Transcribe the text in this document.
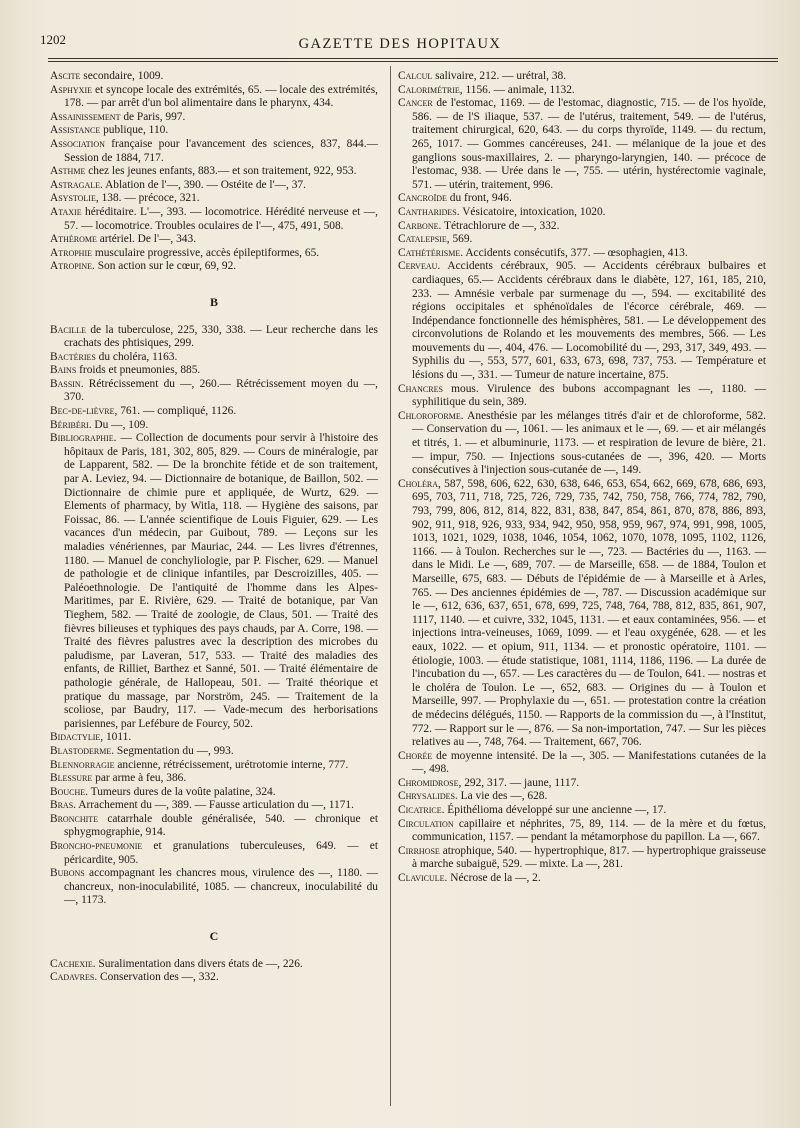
1202	GAZETTE DES HOPITAUX

Ascite secondaire, 1009.

Asphyxie et syncope locale des extrémités, 65. — locale des extrémités, 178. — par arrêt d'un bol alimentaire dans le pharynx, 434.

Assainissement de Paris, 997.

Assistance publique, 110.

Association française pour l'avancement des sciences, 837, 844.— Session de 1884, 717.

Asthme chez les jeunes enfants, 883.— et son traitement, 922, 953.

Astragale. Ablation de l'—, 390. — Ostéite de l'—, 37.

Asystolie, 138. — précoce, 321.

Ataxie héréditaire. L'—, 393. — locomotrice. Hérédité nerveuse et —, 57. — locomotrice. Troubles oculaires de l'—, 475, 491, 508.

Athérome artériel. De l'—, 343.

Atrophie musculaire progressive, accès épileptiformes, 65.

Atropine. Son action sur le cœur, 69, 92.

B

Bacille de la tuberculose, 225, 330, 338. — Leur recherche dans les crachats des phtisiques, 299.

Bactéries du choléra, 1163.

Bains froids et pneumonies, 885.

Bassin. Rétrécissement du —, 260.— Rétrécissement moyen du —, 370.

Bec-de-lièvre, 761. — compliqué, 1126.

Béribéri. Du —, 109.

Bibliographie. — Collection de documents pour servir à l'histoire des hôpitaux de Paris, 181, 302, 805, 829. — Cours de minéralogie, par de Lapparent, 582. — De la bronchite fétide et de son traitement, par A. Leviez, 94. — Dictionnaire de botanique, de Baillon, 502. — Dictionnaire de chimie pure et appliquée, de Wurtz, 629. — Elements of pharmacy, by Witla, 118. — Hygiène des saisons, par Foissac, 86. — L'année scientifique de Louis Figuier, 629. — Les vacances d'un médecin, par Guibout, 789. — Leçons sur les maladies vénériennes, par Mauriac, 244. — Les livres d'étrennes, 1180. — Manuel de conchyliologie, par P. Fischer, 629. — Manuel de pathologie et de clinique infantiles, par Descroizilles, 405. — Paléoethnologie. De l'antiquité de l'homme dans les Alpes-Maritimes, par E. Rivière, 629. — Traité de botanique, par Van Tieghem, 582. — Traité de zoologie, de Claus, 501. — Traité des fièvres bilieuses et typhiques des pays chauds, par A. Corre, 198. — Traité des fièvres palustres avec la description des microbes du paludisme, par Laveran, 517, 533. — Traité des maladies des enfants, de Rilliet, Barthez et Sanné, 501. — Traité élémentaire de pathologie générale, de Hallopeau, 501. — Traité théorique et pratique du massage, par Norström, 245. — Traitement de la scoliose, par Baudry, 117. — Vade-mecum des herborisations parisiennes, par Lefébure de Fourcy, 502.

Bidactylie, 1011.

Blastoderme. Segmentation du —, 993.

Blennorragie ancienne, rétrécissement, urétrotomie interne, 777.

Blessure par arme à feu, 386.

Bouche. Tumeurs dures de la voûte palatine, 324.

Bras. Arrachement du —, 389. — Fausse articulation du —, 1171.

Bronchite catarrhale double généralisée, 540. — chronique et sphygmographie, 914.

Broncho-pneumonie et granulations tuberculeuses, 649. — et péricardite, 905.

Bubons accompagnant les chancres mous, virulence des —, 1180. — chancreux, non-inoculabilité, 1085. — chancreux, inoculabilité du —, 1173.

C

Cachexie. Suralimentation dans divers états de —, 226.

Cadavres. Conservation des —, 332.

Calcul salivaire, 212. — urétral, 38.

Calorimétrie, 1156. — animale, 1132.

Cancer de l'estomac, 1169. — de l'estomac, diagnostic, 715. — de l'os hyoïde, 586. — de l'S iliaque, 537. — de l'utérus, traitement, 549. — de l'utérus, traitement chirurgical, 620, 643. — du corps thyroïde, 1149. — du rectum, 265, 1017. — Gommes cancéreuses, 241. — mélanique de la joue et des ganglions sous-maxillaires, 2. — pharyngo-laryngien, 140. — précoce de l'estomac, 938. — Urée dans le —, 755. — utérin, hystérectomie vaginale, 571. — utérin, traitement, 996.

Cancroïde du front, 946.

Cantharides. Vésicatoire, intoxication, 1020.

Carbone. Tétrachlorure de —, 332.

Catalepsie, 569.

Cathétérisme. Accidents consécutifs, 377. — œsophagien, 413.

Cerveau. Accidents cérébraux, 905. — Accidents cérébraux bulbaires et cardiaques, 65.— Accidents cérébraux dans le diabète, 127, 161, 185, 210, 233. — Amnésie verbale par surmenage du —, 594. — excitabilité des régions occipitales et sphénoïdales de l'écorce cérébrale, 469. — Indépendance fonctionnelle des hémisphères, 581. — Le développement des circonvolutions de Rolando et les mouvements des membres, 566. — Les mouvements du —, 404, 476. — Locomobilité du —, 293, 317, 349, 493. — Syphilis du —, 553, 577, 601, 633, 673, 698, 737, 753. — Température et lésions du —, 331. — Tumeur de nature incertaine, 875.

Chancres mous. Virulence des bubons accompagnant les —, 1180. — syphilitique du sein, 389.

Chloroforme. Anesthésie par les mélanges titrés d'air et de chloroforme, 582. — Conservation du —, 1061. — les animaux et le —, 69. — et air mélangés et titrés, 1. — et albuminurie, 1173. — et respiration de levure de bière, 21. — impur, 750. — Injections sous-cutanées de —, 396, 420. — Morts consécutives à l'injection sous-cutanée de —, 149.

Choléra, 587, 598, 606, 622, 630, 638, 646, 653, 654, 662, 669, 678, 686, 693, 695, 703, 711, 718, 725, 726, 729, 735, 742, 750, 758, 766, 774, 782, 790, 793, 799, 806, 812, 814, 822, 831, 838, 847, 854, 861, 870, 878, 886, 893, 902, 911, 918, 926, 933, 934, 942, 950, 958, 959, 967, 974, 991, 998, 1005, 1013, 1021, 1029, 1038, 1046, 1054, 1062, 1070, 1078, 1095, 1102, 1126, 1166. — à Toulon. Recherches sur le —, 723. — Bactéries du —, 1163. — dans le Midi. Le —, 689, 707. — de Marseille, 658. — de 1884, Toulon et Marseille, 675, 683. — Débuts de l'épidémie de — à Marseille et à Arles, 765. — Des anciennes épidémies de —, 787. — Discussion académique sur le —, 612, 636, 637, 651, 678, 699, 725, 748, 764, 788, 812, 835, 861, 907, 1117, 1140. — et cuivre, 332, 1045, 1131. — et eaux contaminées, 956. — et injections intra-veineuses, 1069, 1099. — et l'eau oxygénée, 628. — et les eaux, 1022. — et opium, 911, 1134. — et pronostic opératoire, 1101. — étiologie, 1003. — étude statistique, 1081, 1114, 1186, 1196. — La durée de l'incubation du —, 657. — Les caractères du — de Toulon, 641. — nostras et le choléra de Toulon. Le —, 652, 683. — Origines du — à Toulon et Marseille, 997. — Prophylaxie du —, 651. — protestation contre la création de médecins délégués, 1150. — Rapports de la commission du —, à l'Institut, 772. — Rapport sur le —, 876. — Sa non-importation, 747. — Sur les pièces relatives au —, 748, 764. — Traitement, 667, 706.

Chorée de moyenne intensité. De la —, 305. — Manifestations cutanées de la —, 498.

Chromidrose, 292, 317. — jaune, 1117.

Chrysalides. La vie des —, 628.

Cicatrice. Épithélioma développé sur une ancienne —, 17.

Circulation capillaire et néphrites, 75, 89, 114. — de la mère et du fœtus, communication, 1157. — pendant la métamorphose du papillon. La —, 667.

Cirrhose atrophique, 540. — hypertrophique, 817. — hypertrophique graisseuse à marche subaiguë, 529. — mixte. La —, 281.

Clavicule. Nécrose de la —, 2.
